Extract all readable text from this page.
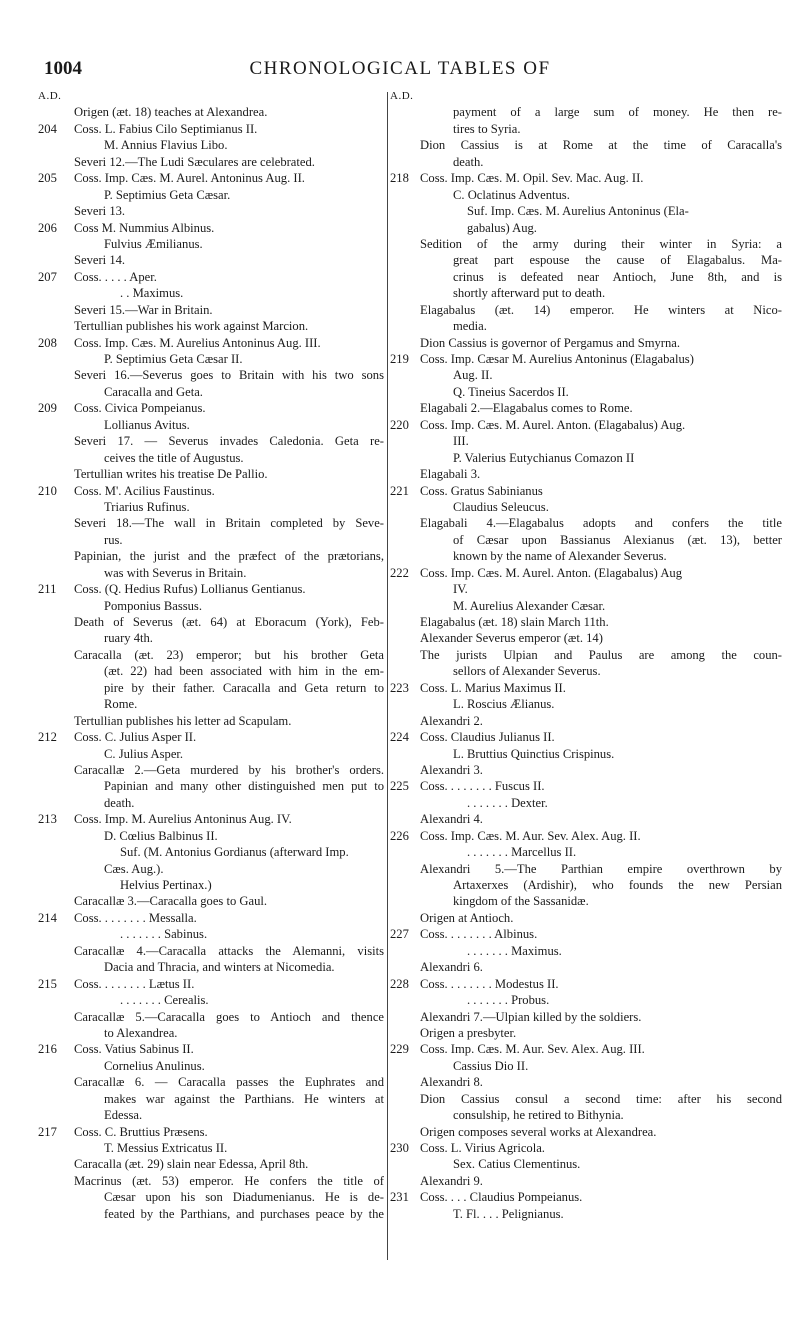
1004	CHRONOLOGICAL TABLES OF
A.D.
Origen (æt. 18) teaches at Alexandrea.
204 Coss. L. Fabius Cilo Septimianus II.
M. Annius Flavius Libo.
Severi 12.—The Ludi Sæculares are celebrated.
205 Coss. Imp. Cæs. M. Aurel. Antoninus Aug. II.
P. Septimius Geta Cæsar.
Severi 13.
206 Coss M. Nummius Albinus.
Fulvius Æmilianus.
Severi 14.
207 Coss. . . . . Aper.
. . Maximus.
Severi 15.—War in Britain.
Tertullian publishes his work against Marcion.
208 Coss. Imp. Cæs. M. Aurelius Antoninus Aug. III.
P. Septimius Geta Cæsar II.
Severi 16.—Severus goes to Britain with his two sons
Caracalla and Geta.
209 Coss. Civica Pompeianus.
Lollianus Avitus.
Severi 17. — Severus invades Caledonia. Geta re-
ceives the title of Augustus.
Tertullian writes his treatise De Pallio.
210 Coss. M'. Acilius Faustinus.
Triarius Rufinus.
Severi 18.—The wall in Britain completed by Seve-
rus.
Papinian, the jurist and the præfect of the prætorians,
was with Severus in Britain.
211 Coss. (Q. Hedius Rufus) Lollianus Gentianus.
Pomponius Bassus.
Death of Severus (æt. 64) at Eboracum (York), Feb-
ruary 4th.
Caracalla (æt. 23) emperor; but his brother Geta
(æt. 22) had been associated with him in the em-
pire by their father. Caracalla and Geta return to
Rome.
Tertullian publishes his letter ad Scapulam.
212 Coss. C. Julius Asper II.
C. Julius Asper.
Caracallæ 2.—Geta murdered by his brother's orders.
Papinian and many other distinguished men put to
death.
213 Coss. Imp. M. Aurelius Antoninus Aug. IV.
D. Cœlius Balbinus II.
Suf. (M. Antonius Gordianus (afterward Imp.
Cæs. Aug.).
Helvius Pertinax.)
Caracallæ 3.—Caracalla goes to Gaul.
214 Coss. . . . . . . . Messalla.
. . . . . . . Sabinus.
Caracallæ 4.—Caracalla attacks the Alemanni, visits
Dacia and Thracia, and winters at Nicomedia.
215 Coss. . . . . . . . Lætus II.
. . . . . . . Cerealis.
Caracallæ 5.—Caracalla goes to Antioch and thence
to Alexandrea.
216 Coss. Vatius Sabinus II.
Cornelius Anulinus.
Caracallæ 6. — Caracalla passes the Euphrates and
makes war against the Parthians. He winters at
Edessa.
217 Coss. C. Bruttius Præsens.
T. Messius Extricatus II.
Caracalla (æt. 29) slain near Edessa, April 8th.
Macrinus (æt. 53) emperor. He confers the title of
Cæsar upon his son Diadumenianus. He is de-
feated by the Parthians, and purchases peace by the
A.D.
payment of a large sum of money. He then re-
tires to Syria.
Dion Cassius is at Rome at the time of Caracalla's
death.
218 Coss. Imp. Cæs. M. Opil. Sev. Mac. Aug. II.
C. Oclatinus Adventus.
Suf. Imp. Cæs. M. Aurelius Antoninus (Ela-
gabalus) Aug.
Sedition of the army during their winter in Syria: a
great part espouse the cause of Elagabalus. Ma-
crinus is defeated near Antioch, June 8th, and is
shortly afterward put to death.
Elagabalus (æt. 14) emperor. He winters at Nico-
media.
Dion Cassius is governor of Pergamus and Smyrna.
219 Coss. Imp. Cæsar M. Aurelius Antoninus (Elagabalus)
Aug. II.
Q. Tineius Sacerdos II.
Elagabali 2.—Elagabalus comes to Rome.
220 Coss. Imp. Cæs. M. Aurel. Anton. (Elagabalus) Aug.
III.
P. Valerius Eutychianus Comazon II
Elagabali 3.
221 Coss. Gratus Sabinianus
Claudius Seleucus.
Elagabali 4.—Elagabalus adopts and confers the title
of Cæsar upon Bassianus Alexianus (æt. 13), better
known by the name of Alexander Severus.
222 Coss. Imp. Cæs. M. Aurel. Anton. (Elagabalus) Aug
IV.
M. Aurelius Alexander Cæsar.
Elagabalus (æt. 18) slain March 11th.
Alexander Severus emperor (æt. 14)
The jurists Ulpian and Paulus are among the coun-
sellors of Alexander Severus.
223 Coss. L. Marius Maximus II.
L. Roscius Ælianus.
Alexandri 2.
224 Coss. Claudius Julianus II.
L. Bruttius Quinctius Crispinus.
Alexandri 3.
225 Coss. . . . . . . . Fuscus II.
. . . . . . . Dexter.
Alexandri 4.
226 Coss. Imp. Cæs. M. Aur. Sev. Alex. Aug. II.
. . . . . . . Marcellus II.
Alexandri 5.—The Parthian empire overthrown by
Artaxerxes (Ardishir), who founds the new Persian
kingdom of the Sassanidæ.
Origen at Antioch.
227 Coss. . . . . . . . Albinus.
. . . . . . . Maximus.
Alexandri 6.
228 Coss. . . . . . . . Modestus II.
. . . . . . . Probus.
Alexandri 7.—Ulpian killed by the soldiers.
Origen a presbyter.
229 Coss. Imp. Cæs. M. Aur. Sev. Alex. Aug. III.
Cassius Dio II.
Alexandri 8.
Dion Cassius consul a second time: after his second
consulship, he retired to Bithynia.
Origen composes several works at Alexandrea.
230 Coss. L. Virius Agricola.
Sex. Catius Clementinus.
Alexandri 9.
231 Coss. . . . Claudius Pompeianus.
T. Fl. . . . Pelignianus.
